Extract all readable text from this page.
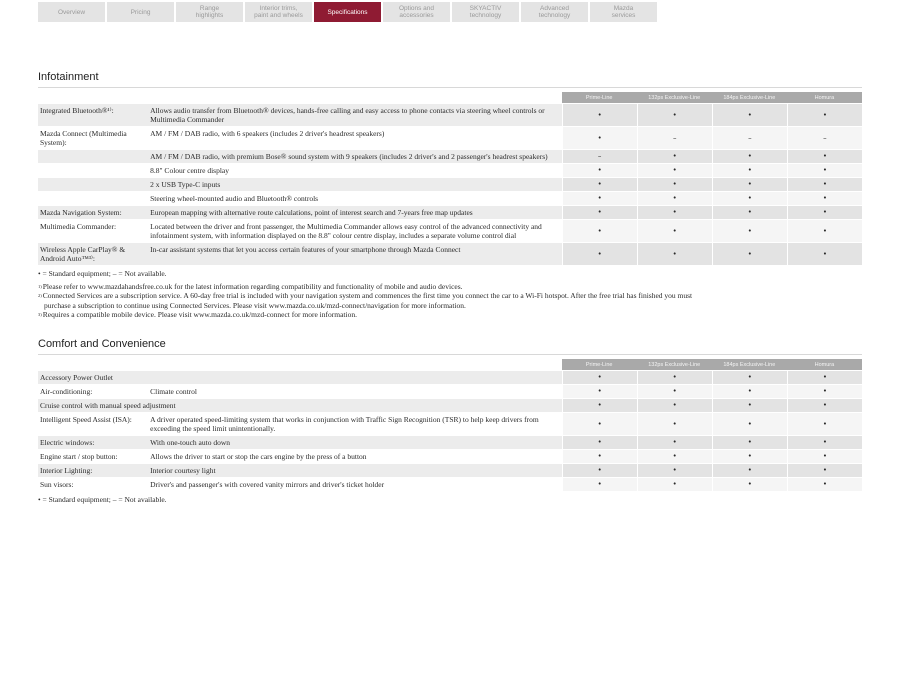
Overview	Pricing	Range
highlights
Interior trims,
paint and wheels	Specifications	Options and
accessories
SKYACTIV
technology
Advanced
technology
Mazda
services
Infotainment
		Prime-Line	132ps Exclusive-Line	184ps Exclusive-Line	Homura
Integrated Bluetooth®¹⁾:	Allows audio transfer from Bluetooth® devices, hands-free calling and easy access to phone contacts via steering wheel controls or Multimedia Commander	•	•	•	•
Mazda Connect (Multimedia System):	AM / FM / DAB radio, with 6 speakers (includes 2 driver's headrest speakers)	•	–	–	–
	AM / FM / DAB radio, with premium Bose® sound system with 9 speakers (includes 2 driver's and 2 passenger's headrest speakers)	–	•	•	•
	8.8" Colour centre display	•	•	•	•
	2 x USB Type-C inputs	•	•	•	•
	Steering wheel-mounted audio and Bluetooth® controls	•	•	•	•
Mazda Navigation System:	European mapping with alternative route calculations, point of interest search and 7-years free map updates	•	•	•	•
Multimedia Commander:	Located between the driver and front passenger, the Multimedia Commander allows easy control of the advanced connectivity and infotainment system, with information displayed on the 8.8" colour centre display, includes a separate volume control dial	•	•	•	•
Wireless Apple CarPlay® & Android Auto™³⁾:	In-car assistant systems that let you access certain features of your smartphone through Mazda Connect	•	•	•	•
• = Standard equipment; – = Not available.
1) Please refer to www.mazdahandsfree.co.uk for the latest information regarding compatibility and functionality of mobile and audio devices.
2) Connected Services are a subscription service. A 60-day free trial is included with your navigation system and commences the first time you connect the car to a Wi-Fi hotspot. After the free trial has finished you must
purchase a subscription to continue using Connected Services. Please visit www.mazda.co.uk/mzd-connect/navigation for more information.
3) Requires a compatible mobile device. Please visit www.mazda.co.uk/mzd-connect for more information.
Comfort and Convenience
		Prime-Line	132ps Exclusive-Line	184ps Exclusive-Line	Homura
Accessory Power Outlet		•	•	•	•
Air-conditioning:	Climate control	•	•	•	•
Cruise control with manual speed adjustment		•	•	•	•
Intelligent Speed Assist (ISA):	A driver operated speed-limiting system that works in conjunction with Traffic Sign Recognition (TSR) to help keep drivers from exceeding the speed limit unintentionally.	•	•	•	•
Electric windows:	With one-touch auto down	•	•	•	•
Engine start / stop button:	Allows the driver to start or stop the cars engine by the press of a button	•	•	•	•
Interior Lighting:	Interior courtesy light	•	•	•	•
Sun visors:	Driver's and passenger's with covered vanity mirrors and driver's ticket holder	•	•	•	•
• = Standard equipment; – = Not available.
